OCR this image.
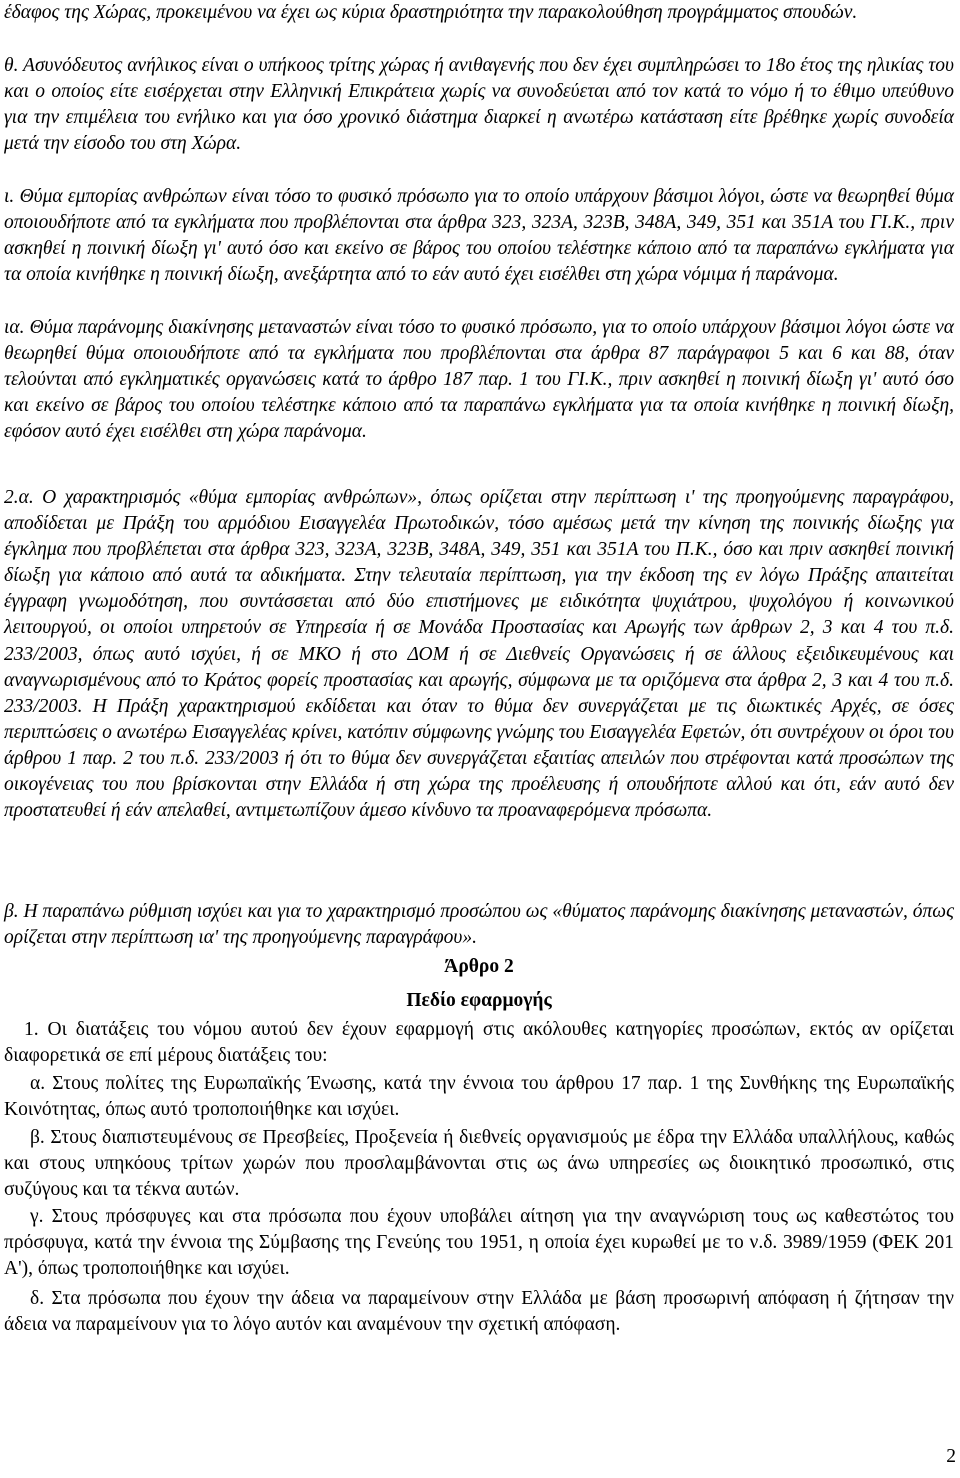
έδαφος της Χώρας, προκειμένου να έχει ως κύρια δραστηριότητα την παρακολούθηση προγράμματος σπουδών.

θ. Ασυνόδευτος ανήλικος είναι ο υπήκοος τρίτης χώρας ή ανιθαγενής που δεν έχει συμπληρώσει το 18ο έτος της ηλικίας του και ο οποίος είτε εισέρχεται στην Ελληνική Επικράτεια χωρίς να συνοδεύεται από τον κατά το νόμο ή το έθιμο υπεύθυνο για την επιμέλεια του ενήλικο και για όσο χρονικό διάστημα διαρκεί η ανωτέρω κατάσταση είτε βρέθηκε χωρίς συνοδεία μετά την είσοδο του στη Χώρα.

ι. Θύμα εμπορίας ανθρώπων είναι τόσο το φυσικό πρόσωπο για το οποίο υπάρχουν βάσιμοι λόγοι, ώστε να θεωρηθεί θύμα οποιουδήποτε από τα εγκλήματα που προβλέπονται στα άρθρα 323, 323Α, 323Β, 348Α, 349, 351 και 351Α του ΓΙ.Κ., πριν ασκηθεί η ποινική δίωξη γι' αυτό όσο και εκείνο σε βάρος του οποίου τελέστηκε κάποιο από τα παραπάνω εγκλήματα για τα οποία κινήθηκε η ποινική δίωξη, ανεξάρτητα από το εάν αυτό έχει εισέλθει στη χώρα νόμιμα ή παράνομα.

ια. Θύμα παράνομης διακίνησης μεταναστών είναι τόσο το φυσικό πρόσωπο, για το οποίο υπάρχουν βάσιμοι λόγοι ώστε να θεωρηθεί θύμα οποιουδήποτε από τα εγκλήματα που προβλέπονται στα άρθρα 87 παράγραφοι 5 και 6 και 88, όταν τελούνται από εγκληματικές οργανώσεις κατά το άρθρο 187 παρ. 1 του ΓΙ.Κ., πριν ασκηθεί η ποινική δίωξη γι' αυτό όσο και εκείνο σε βάρος του οποίου τελέστηκε κάποιο από τα παραπάνω εγκλήματα για τα οποία κινήθηκε η ποινική δίωξη, εφόσον αυτό έχει εισέλθει στη χώρα παράνομα.

2.α. Ο χαρακτηρισμός «θύμα εμπορίας ανθρώπων», όπως ορίζεται στην περίπτωση ι' της προηγούμενης παραγράφου, αποδίδεται με Πράξη του αρμόδιου Εισαγγελέα Πρωτοδικών, τόσο αμέσως μετά την κίνηση της ποινικής δίωξης για έγκλημα που προβλέπεται στα άρθρα 323, 323Α, 323Β, 348Α, 349, 351 και 351Α του Π.Κ., όσο και πριν ασκηθεί ποινική δίωξη για κάποιο από αυτά τα αδικήματα. Στην τελευταία περίπτωση, για την έκδοση της εν λόγω Πράξης απαιτείται έγγραφη γνωμοδότηση, που συντάσσεται από δύο επιστήμονες με ειδικότητα ψυχιάτρου, ψυχολόγου ή κοινωνικού λειτουργού, οι οποίοι υπηρετούν σε Υπηρεσία ή σε Μονάδα Προστασίας και Αρωγής των άρθρων 2, 3 και 4 του π.δ. 233/2003, όπως αυτό ισχύει, ή σε ΜΚΟ ή στο ΔΟΜ ή σε Διεθνείς Οργανώσεις ή σε άλλους εξειδικευμένους και αναγνωρισμένους από το Κράτος φορείς προστασίας και αρωγής, σύμφωνα με τα οριζόμενα στα άρθρα 2, 3 και 4 του π.δ. 233/2003. Η Πράξη χαρακτηρισμού εκδίδεται και όταν το θύμα δεν συνεργάζεται με τις διωκτικές Αρχές, σε όσες περιπτώσεις ο ανωτέρω Εισαγγελέας κρίνει, κατόπιν σύμφωνης γνώμης του Εισαγγελέα Εφετών, ότι συντρέχουν οι όροι του άρθρου 1 παρ. 2 του π.δ. 233/2003 ή ότι το θύμα δεν συνεργάζεται εξαιτίας απειλών που στρέφονται κατά προσώπων της οικογένειας του που βρίσκονται στην Ελλάδα ή στη χώρα της προέλευσης ή οπουδήποτε αλλού και ότι, εάν αυτό δεν προστατευθεί ή εάν απελαθεί, αντιμετωπίζουν άμεσο κίνδυνο τα προαναφερόμενα πρόσωπα.

β. Η παραπάνω ρύθμιση ισχύει και για το χαρακτηρισμό προσώπου ως «θύματος παράνομης διακίνησης μεταναστών, όπως ορίζεται στην περίπτωση ια' της προηγούμενης παραγράφου».

Άρθρο 2

Πεδίο εφαρμογής

1. Οι διατάξεις του νόμου αυτού δεν έχουν εφαρμογή στις ακόλουθες κατηγορίες προσώπων, εκτός αν ορίζεται διαφορετικά σε επί μέρους διατάξεις του:

α. Στους πολίτες της Ευρωπαϊκής Ένωσης, κατά την έννοια του άρθρου 17 παρ. 1 της Συνθήκης της Ευρωπαϊκής Κοινότητας, όπως αυτό τροποποιήθηκε και ισχύει.

β. Στους διαπιστευμένους σε Πρεσβείες, Προξενεία ή διεθνείς οργανισμούς με έδρα την Ελλάδα υπαλλήλους, καθώς και στους υπηκόους τρίτων χωρών που προσλαμβάνονται στις ως άνω υπηρεσίες ως διοικητικό προσωπικό, στις συζύγους και τα τέκνα αυτών.

γ. Στους πρόσφυγες και στα πρόσωπα που έχουν υποβάλει αίτηση για την αναγνώριση τους ως καθεστώτος του πρόσφυγα, κατά την έννοια της Σύμβασης της Γενεύης του 1951, η οποία έχει κυρωθεί με το ν.δ. 3989/1959 (ΦΕΚ 201 Α'), όπως τροποποιήθηκε και ισχύει.

δ. Στα πρόσωπα που έχουν την άδεια να παραμείνουν στην Ελλάδα με βάση προσωρινή απόφαση ή ζήτησαν την άδεια να παραμείνουν για το λόγο αυτόν και αναμένουν την σχετική απόφαση.

2
